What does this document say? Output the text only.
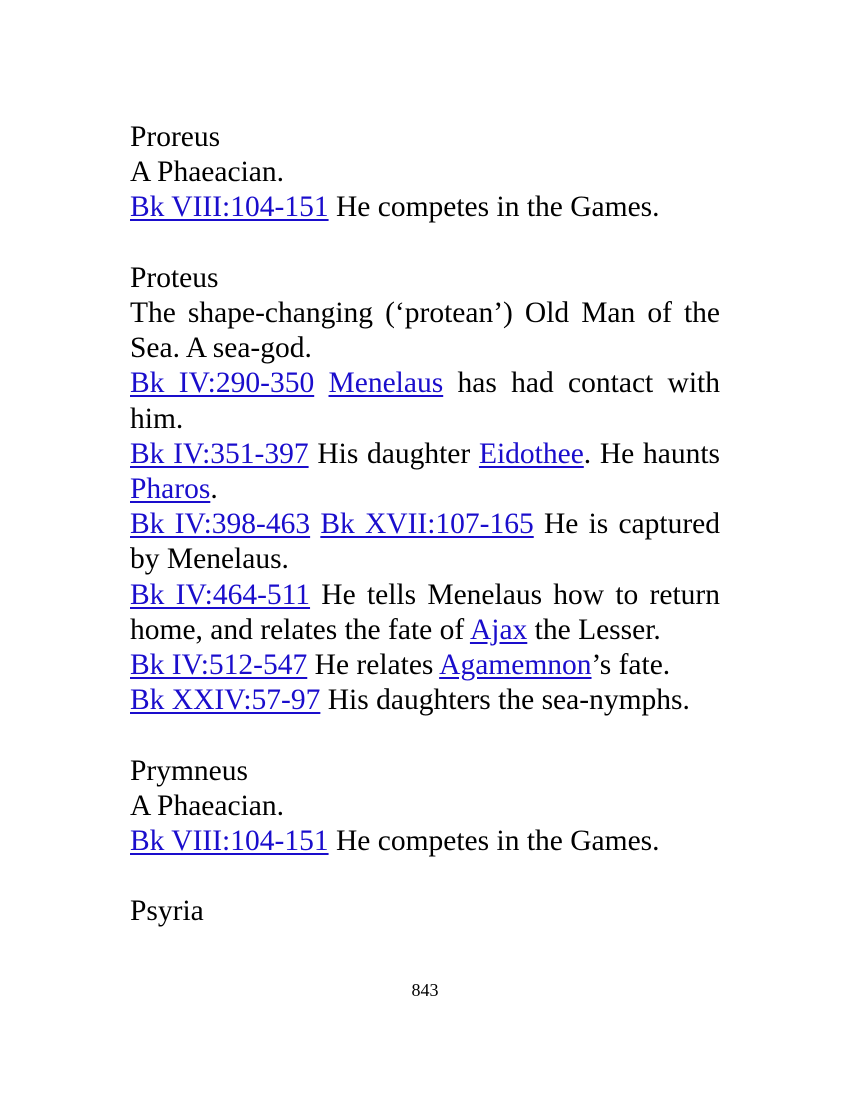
Proreus
A Phaeacian.
Bk VIII:104-151 He competes in the Games.
Proteus
The shape-changing (‘protean’) Old Man of the Sea. A sea-god.
Bk IV:290-350 Menelaus has had contact with him.
Bk IV:351-397 His daughter Eidothee. He haunts Pharos.
Bk IV:398-463 Bk XVII:107-165 He is captured by Menelaus.
Bk IV:464-511 He tells Menelaus how to return home, and relates the fate of Ajax the Lesser.
Bk IV:512-547 He relates Agamemnon’s fate.
Bk XXIV:57-97 His daughters the sea-nymphs.
Prymneus
A Phaeacian.
Bk VIII:104-151 He competes in the Games.
Psyria
843
